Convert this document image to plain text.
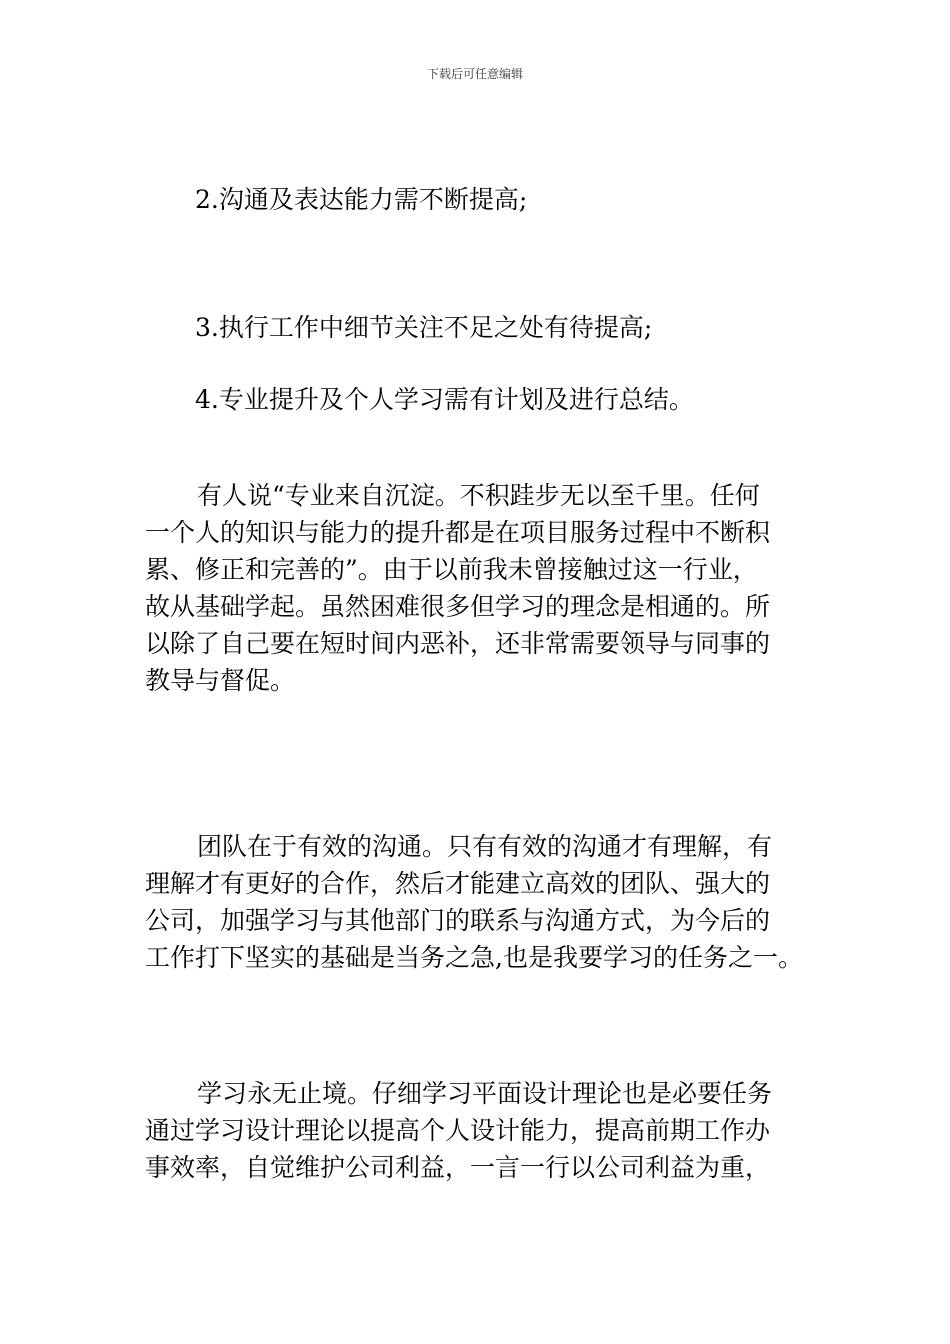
下载后可任意编辑
2.沟通及表达能力需不断提高;
3.执行工作中细节关注不足之处有待提高;
4.专业提升及个人学习需有计划及进行总结。
有人说“专业来自沉淀。不积跬步无以至千里。任何
一个人的知识与能力的提升都是在项目服务过程中不断积
累、修正和完善的”。由于以前我未曾接触过这一行业，
故从基础学起。虽然困难很多但学习的理念是相通的。所
以除了自己要在短时间内恶补，还非常需要领导与同事的
教导与督促。
团队在于有效的沟通。只有有效的沟通才有理解，有
理解才有更好的合作，然后才能建立高效的团队、强大的
公司，加强学习与其他部门的联系与沟通方式，为今后的
工作打下坚实的基础是当务之急,也是我要学习的任务之一。
学习永无止境。仔细学习平面设计理论也是必要任务
通过学习设计理论以提高个人设计能力，提高前期工作办
事效率，自觉维护公司利益，一言一行以公司利益为重，
